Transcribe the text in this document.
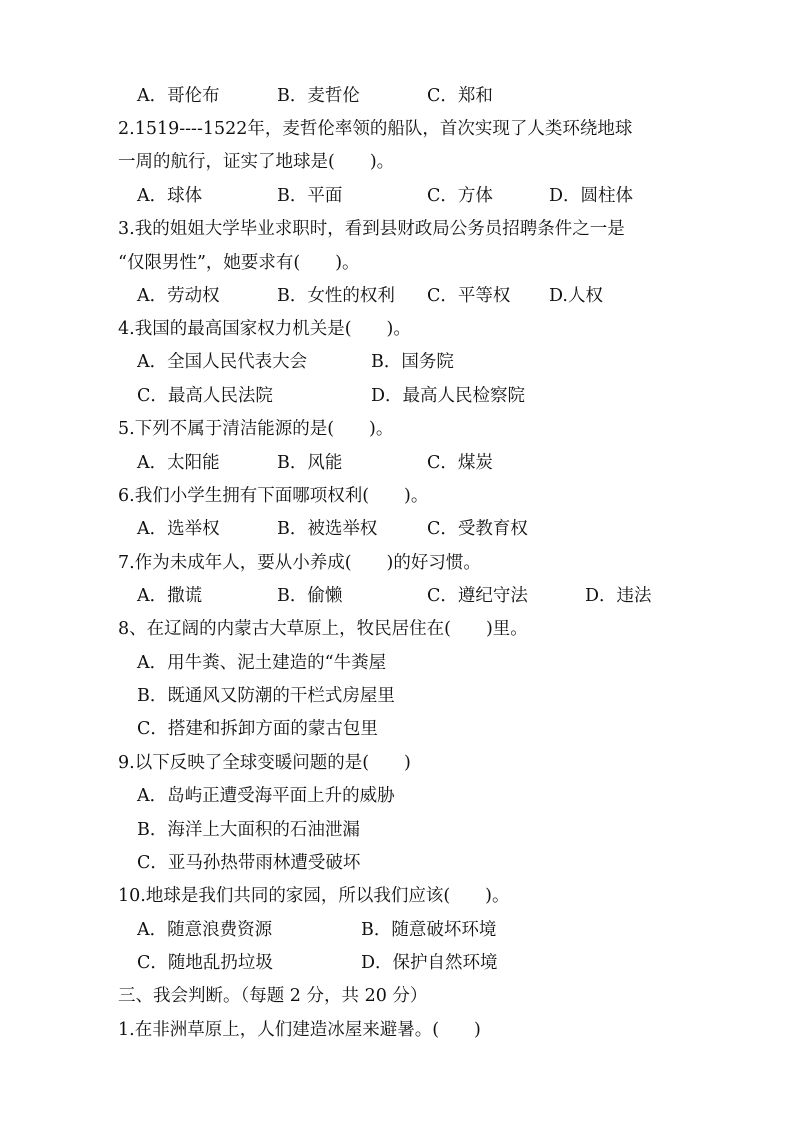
A．哥伦布	B．麦哲伦	C．郑和
2.1519----1522年，麦哲伦率领的船队，首次实现了人类环绕地球
一周的航行，证实了地球是(　　)。
A．球体	B．平面	C．方体	D．圆柱体
3.我的姐姐大学毕业求职时，看到县财政局公务员招聘条件之一是
“仅限男性”，她要求有(　　)。
A．劳动权	B．女性的权利 C．平等权 D.人权
4.我国的最高国家权力机关是(　　)。
A．全国人民代表大会	B．国务院
C．最高人民法院	D．最高人民检察院
5.下列不属于清洁能源的是(　　)。
A．太阳能	B．风能	C．煤炭
6.我们小学生拥有下面哪项权利(　　)。
A．选举权	B．被选举权	C．受教育权
7.作为未成年人，要从小养成(　　)的好习惯。
A．撒谎	B．偷懒	C．遵纪守法	D．违法
8、在辽阔的内蒙古大草原上，牧民居住在(　　)里。
A．用牛粪、泥土建造的“牛粪屋
B．既通风又防潮的干栏式房屋里
C．搭建和拆卸方面的蒙古包里
9.以下反映了全球变暖问题的是(　　)
A．岛屿正遭受海平面上升的威胁
B．海洋上大面积的石油泄漏
C．亚马孙热带雨林遭受破坏
10.地球是我们共同的家园，所以我们应该(　　)。
A．随意浪费资源	B．随意破坏环境
C．随地乱扔垃圾	D．保护自然环境
三、我会判断。（每题 2 分，共 20 分）
1.在非洲草原上，人们建造冰屋来避暑。(　　)
